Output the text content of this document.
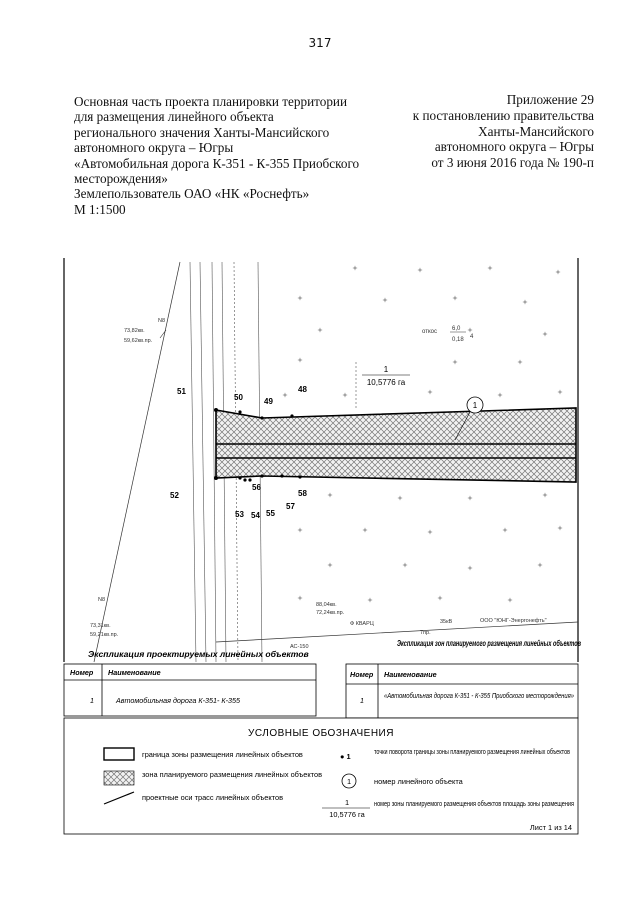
317
Основная часть проекта планировки территории
для размещения линейного объекта
регионального значения Ханты-Мансийского
автономного округа – Югры
«Автомобильная дорога К-351 - К-355 Приобского
месторождения»
Землепользователь ОАО «НК «Роснефть»
М 1:1500
Приложение 29
к постановлению правительства
Ханты-Мансийского
автономного округа – Югры
от 3 июня 2016 года № 190-п
48
49
50
51
52
53 54 55
56
57
58
1
10,5776 га
1
откос	6,0
0,18 4
N8
73,82кв.
59,62кв.пр.
N8
73,31кв.
59,21кв.пр.
88,04кв.
72,24кв.пр.
Ф КВАРЦ	35кВ	ООО "ЮНГ-Энергонефть"
АС-150
7пр.
Экспликация проектируемых линейных объектов
Номер Наименование
1	Автомобильная дорога К-351- К-355
Экспликация зон планируемого размещения линейных объектов
Номер Наименование
1
«Автомобильная дорога К-351 - К-355 Приобского месторождения»
УСЛОВНЫЕ ОБОЗНАЧЕНИЯ
граница зоны размещения линейных объектов
зона планируемого размещения линейных объектов
проектные оси трасс линейных объектов
● 1
точки поворота границы зоны планируемого размещения линейных объектов
1	номер линейного объекта
1
10,5776 га
номер зоны планируемого размещения объектов площадь зоны размещения
Лист 1 из 14
